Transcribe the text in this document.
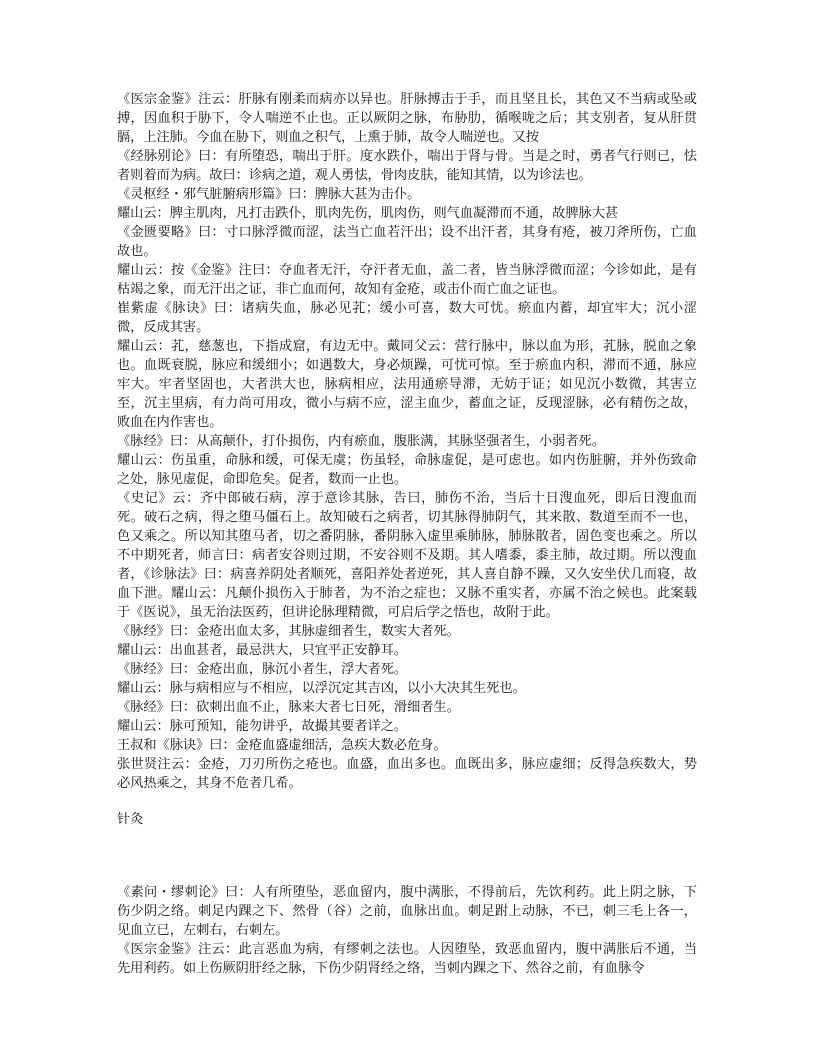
《医宗金鉴》注云：肝脉有刚柔而病亦以异也。肝脉搏击于手，而且坚且长，其色又不当病或坠或搏，因血积于胁下，令人喘逆不止也。正以厥阴之脉，布胁肋，循喉咙之后；其支别者，复从肝贯膈，上注肺。今血在胁下，则血之积气，上熏于肺，故令人喘逆也。又按

《经脉别论》曰：有所堕恐，喘出于肝。度水跌仆，喘出于肾与骨。当是之时，勇者气行则已，怯者则着而为病。故曰：诊病之道，观人勇怯，骨肉皮肤，能知其情，以为诊法也。

《灵枢经・邪气脏腑病形篇》曰：脾脉大甚为击仆。

耀山云：脾主肌肉，凡打击跌仆，肌肉先伤，肌肉伤，则气血凝滞而不通，故脾脉大甚

《金匮要略》曰：寸口脉浮微而涩，法当亡血若汗出；设不出汗者，其身有疮，被刀斧所伤，亡血故也。

耀山云：按《金鉴》注曰：夺血者无汗，夺汗者无血，盖二者，皆当脉浮微而涩；今诊如此，是有枯竭之象，而无汗出之证，非亡血而何，故知有金疮，或击仆而亡血之证也。

崔紫虚《脉诀》曰：诸病失血，脉必见芤；缓小可喜，数大可忧。瘀血内蓄，却宜牢大；沉小涩微，反成其害。

耀山云：芤，慈葱也，下指成窟，有边无中。戴同父云：营行脉中，脉以血为形，芤脉，脱血之象也。血既衰脱，脉应和缓细小；如遇数大，身必烦躁，可忧可惊。至于瘀血内积，滞而不通，脉应牢大。牢者坚固也，大者洪大也，脉病相应，法用通瘀导滞，无妨于证；如见沉小数微，其害立至，沉主里病，有力尚可用攻，微小与病不应，涩主血少，蓄血之证，反现涩脉，必有精伤之故，败血在内作害也。

《脉经》曰：从高颠仆，打仆损伤，内有瘀血，腹胀满，其脉坚强者生，小弱者死。

耀山云：伤虽重，命脉和缓，可保无虞；伤虽轻，命脉虚促，是可虑也。如内伤脏腑，并外伤致命之处，脉见虚促，命即危矣。促者，数而一止也。

《史记》云：齐中郎破石病，淳于意诊其脉，告曰，肺伤不治，当后十日溲血死，即后日溲血而死。破石之病，得之堕马僵石上。故知破石之病者，切其脉得肺阴气，其来散、数道至而不一也，色又乘之。所以知其堕马者，切之番阴脉，番阴脉入虚里乘肺脉，肺脉散者，固色变也乘之。所以不中期死者，师言曰：病者安谷则过期，不安谷则不及期。其人嗜黍，黍主肺，故过期。所以溲血者，《诊脉法》曰：病喜养阴处者顺死，喜阳养处者逆死，其人喜自静不躁，又久安坐伏几而寝，故血下泄。耀山云：凡颠仆损伤入于肺者，为不治之症也；又脉不重实者，亦属不治之候也。此案载于《医说》，虽无治法医药，但讲论脉理精微，可启后学之悟也，故附于此。

《脉经》曰：金疮出血太多，其脉虚细者生，数实大者死。

耀山云：出血甚者，最忌洪大，只宜平正安静耳。

《脉经》曰：金疮出血，脉沉小者生，浮大者死。

耀山云：脉与病相应与不相应，以浮沉定其吉凶，以小大决其生死也。

《脉经》曰：砍刺出血不止，脉来大者七日死，滑细者生。

耀山云：脉可预知，能勿讲乎，故撮其要者详之。

王叔和《脉诀》曰：金疮血盛虚细活，急疾大数必危身。

张世贤注云：金疮，刀刃所伤之疮也。血盛，血出多也。血既出多，脉应虚细；反得急疾数大，势必风热乘之，其身不危者几希。

针灸

《素问・缪刺论》曰：人有所堕坠，恶血留内，腹中满胀，不得前后，先饮利药。此上阴之脉，下伤少阴之络。刺足内踝之下、然骨（谷）之前，血脉出血。刺足跗上动脉，不已，刺三毛上各一，见血立已，左刺右，右刺左。

《医宗金鉴》注云：此言恶血为病，有缪刺之法也。人因堕坠，致恶血留内，腹中满胀后不通，当先用利药。如上伤厥阴肝经之脉，下伤少阴肾经之络，当刺内踝之下、然谷之前，有血脉令
